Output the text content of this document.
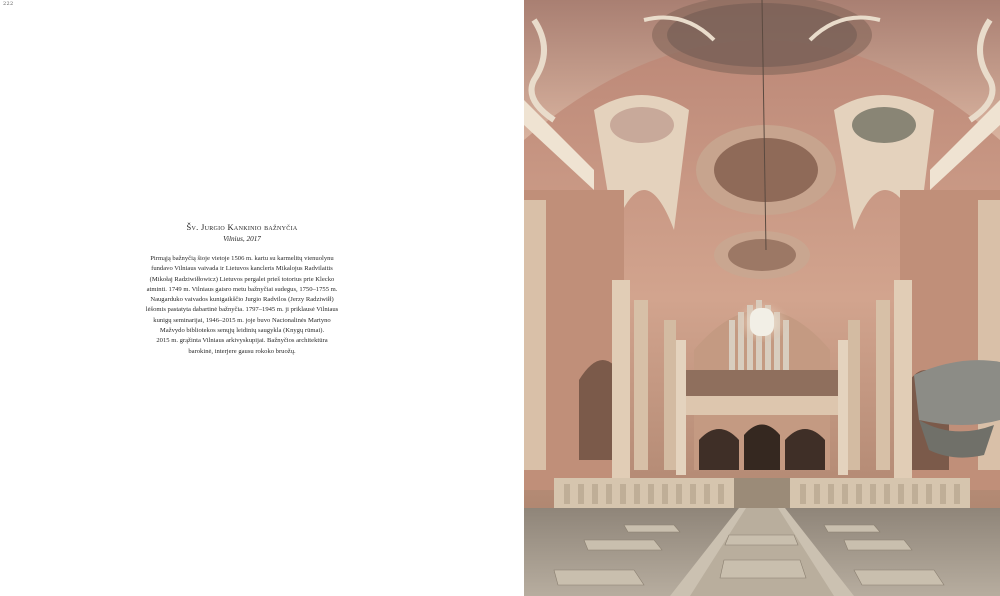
222
Šv. Jurgio Kankinio bažnyčia
Vilnius, 2017
Pirmąją bažnyčią šioje vietoje 1506 m. kartu su karmelitų vienuolynu
fundavo Vilniaus vaivada ir Lietuvos kancleris Mikalojus Radvilaitis
(Mikołaj Radziwiłłowicz) Lietuvos pergalei prieš totorius prie Klecko
atminti. 1749 m. Vilniaus gaisro metu bažnyčiai sudegus, 1750–1755 m.
Naugarduko vaivados kunigaikščio Jurgio Radvilos (Jerzy Radziwiłł)
lėšomis pastatyta dabartinė bažnyčia. 1797–1945 m. ji priklausė Vilniaus
kunigų seminarijai, 1946–2015 m. joje buvo Nacionalinės Martyno
Mažvydo bibliotekos senųjų leidinių saugykla (Knygų rūmai).
2015 m. grąžinta Vilniaus arkivyskupijai. Bažnyčios architektūra
barokinė, interjere gausu rokoko bruožų.
